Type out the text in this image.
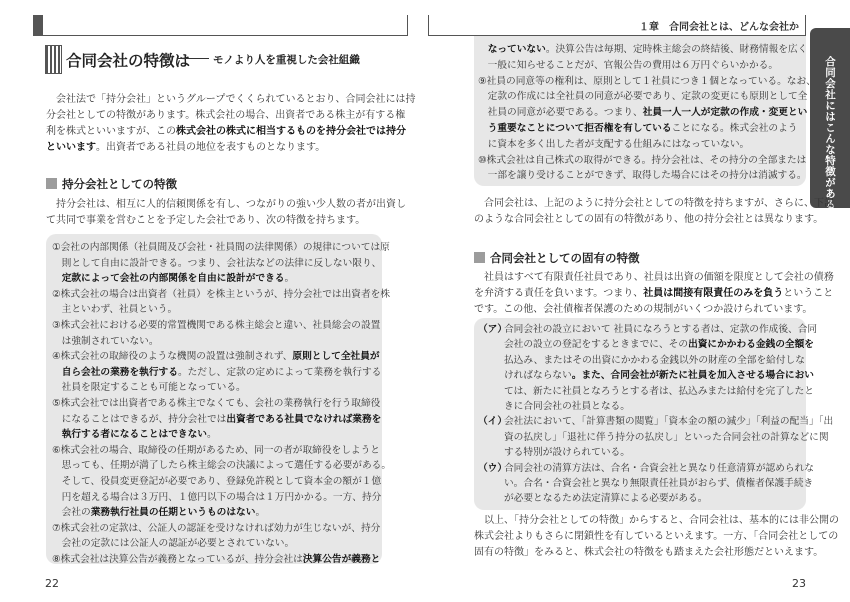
１章　合同会社とは、どんな会社か
合同会社にはこんな特徴がある
合同会社の特徴は モノより人を重視した会社組織

　会社法で「持分会社」というグループでくくられているとおり、合同会社には持

分会社としての特徴があります。株式会社の場合、出資者である株主が有する権

利を株式といいますが、この株式会社の株式に相当するものを持分会社では持分

といいます。出資者である社員の地位を表すものとなります。

持分会社としての特徴

　持分会社は、相互に人的信頼関係を有し、つながりの強い少人数の者が出資し

て共同で事業を営むことを予定した会社であり、次の特徴を持ちます。

①会社の内部関係（社員間及び会社・社員間の法律関係）の規律については原
　則として自由に設計できる。つまり、会社法などの法律に反しない限り、
　定款によって会社の内部関係を自由に設計ができる。
②株式会社の場合は出資者（社員）を株主というが、持分会社では出資者を株
　主といわず、社員という。
③株式会社における必要的常置機関である株主総会と違い、社員総会の設置
　は強制されていない。
④株式会社の取締役のような機関の設置は強制されず、原則として全社員が
　自ら会社の業務を執行する。ただし、定款の定めによって業務を執行する
　社員を限定することも可能となっている。
⑤株式会社では出資者である株主でなくても、会社の業務執行を行う取締役
　になることはできるが、持分会社では出資者である社員でなければ業務を
　執行する者になることはできない。
⑥株式会社の場合、取締役の任期があるため、同一の者が取締役をしようと
　思っても、任期が満了したら株主総会の決議によって選任する必要がある。
　そして、役員変更登記が必要であり、登録免許税として資本金の額が１億
　円を超える場合は３万円、１億円以下の場合は１万円かかる。一方、持分
　会社の業務執行社員の任期というものはない。
⑦株式会社の定款は、公証人の認証を受けなければ効力が生じないが、持分
　会社の定款には公証人の認証が必要とされていない。
⑧株式会社は決算公告が義務となっているが、持分会社は決算公告が義務と
22
　なっていない。決算公告は毎期、定時株主総会の終結後、財務情報を広く
　一般に知らせることだが、官報公告の費用は６万円ぐらいかかる。
⑨社員の同意等の権利は、原則として１社員につき１個となっている。なお、
　定款の作成には全社員の同意が必要であり、定款の変更にも原則として全
　社員の同意が必要である。つまり、社員一人一人が定款の作成・変更とい
　う重要なことについて拒否権を有していることになる。株式会社のよう
　に資本を多く出した者が支配する仕組みにはなっていない。
⑩株式会社は自己株式の取得ができる。持分会社は、その持分の全部または
　一部を譲り受けることができず、取得した場合にはその持分は消滅する。

　合同会社は、上記のように持分会社としての特徴を持ちますが、さらに、下記

のような合同会社としての固有の特徴があり、他の持分会社とは異なります。

合同会社としての固有の特徴

　社員はすべて有限責任社員であり、社員は出資の価額を限度として会社の債務

を弁済する責任を負います。つまり、社員は間接有限責任のみを負うということ

です。この他、会社債権者保護のための規制がいくつか設けられています。

（ア）合同会社の設立において 社員になろうとする者は、定款の作成後、合同
会社の設立の登記をするときまでに、その出資にかかわる金銭の全額を
払込み、またはその出資にかかわる金銭以外の財産の全部を給付しな
ければならない。また、合同会社が新たに社員を加入させる場合におい
ては、新たに社員となろうとする者は、払込みまたは給付を完了したと
きに合同会社の社員となる。
（イ）会社法において、「計算書類の閲覧」「資本金の額の減少」「利益の配当」「出
資の払戻し」「退社に伴う持分の払戻し」といった合同会社の計算などに関
する特別が設けられている。
（ウ）合同会社の清算方法は、合名・合資会社と異なり任意清算が認められな
い。合名・合資会社と異なり無限責任社員がおらず、債権者保護手続き
が必要となるため法定清算による必要がある。

　以上、「持分会社としての特徴」からすると、合同会社は、基本的には非公開の

株式会社よりもさらに閉鎖性を有しているといえます。一方、「合同会社としての

固有の特徴」をみると、株式会社の特徴をも踏まえた会社形態だといえます。

23
